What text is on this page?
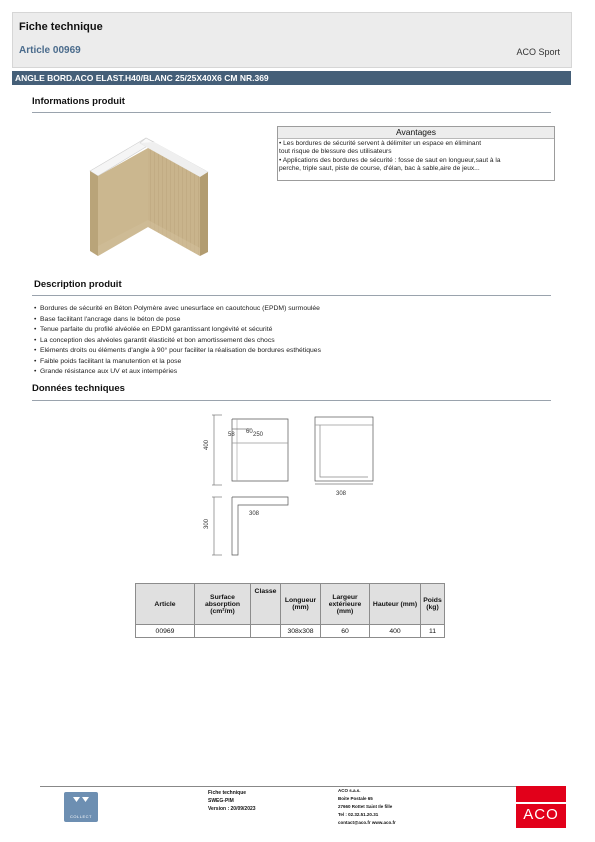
Fiche technique
Article 00969	ACO Sport
ANGLE BORD.ACO ELAST.H40/BLANC 25/25X40X6 CM NR.369
Informations produit
Avantages

• Les bordures de sécurité servent à délimiter un espace en éliminant

tout risque de blessure des utilisateurs

• Applications des bordures de sécurité : fosse de saut en longueur,saut à la

perche, triple saut, piste de course, d'élan, bac à sable,aire de jeux...

Description produit
• Bordures de sécurité en Béton Polymère avec unesurface en caoutchouc (EPDM) surmoulée
• Base facilitant l'ancrage dans le béton de pose
• Tenue parfaite du profilé alvéolée en EPDM garantissant longévité et sécurité
• La conception des alvéoles garantit élasticité et bon amortissement des chocs
• Eléments droits ou éléments d'angle à 90° pour faciliter la réalisation de bordures esthétiques
• Faible poids facilitant la manutention et la pose
• Grande résistance aux UV et aux intempéries
Données techniques
400
60
58	250
308
308
300
Article	Surface absorption (cm²/m)	Classe	Longueur (mm)	Largeur extérieure (mm)	Hauteur (mm)	Poids (kg)
00969			308x308	60	400	11
COLLECT
Fiche technique
SWEG-PIM
Version : 20/09/2023
ACO s.a.s.
Boite Postale 65
27660 Rottet Saint Ile fille
Tel : 02.32.51.20.31
contact@aco.fr www.aco.fr	ACO
